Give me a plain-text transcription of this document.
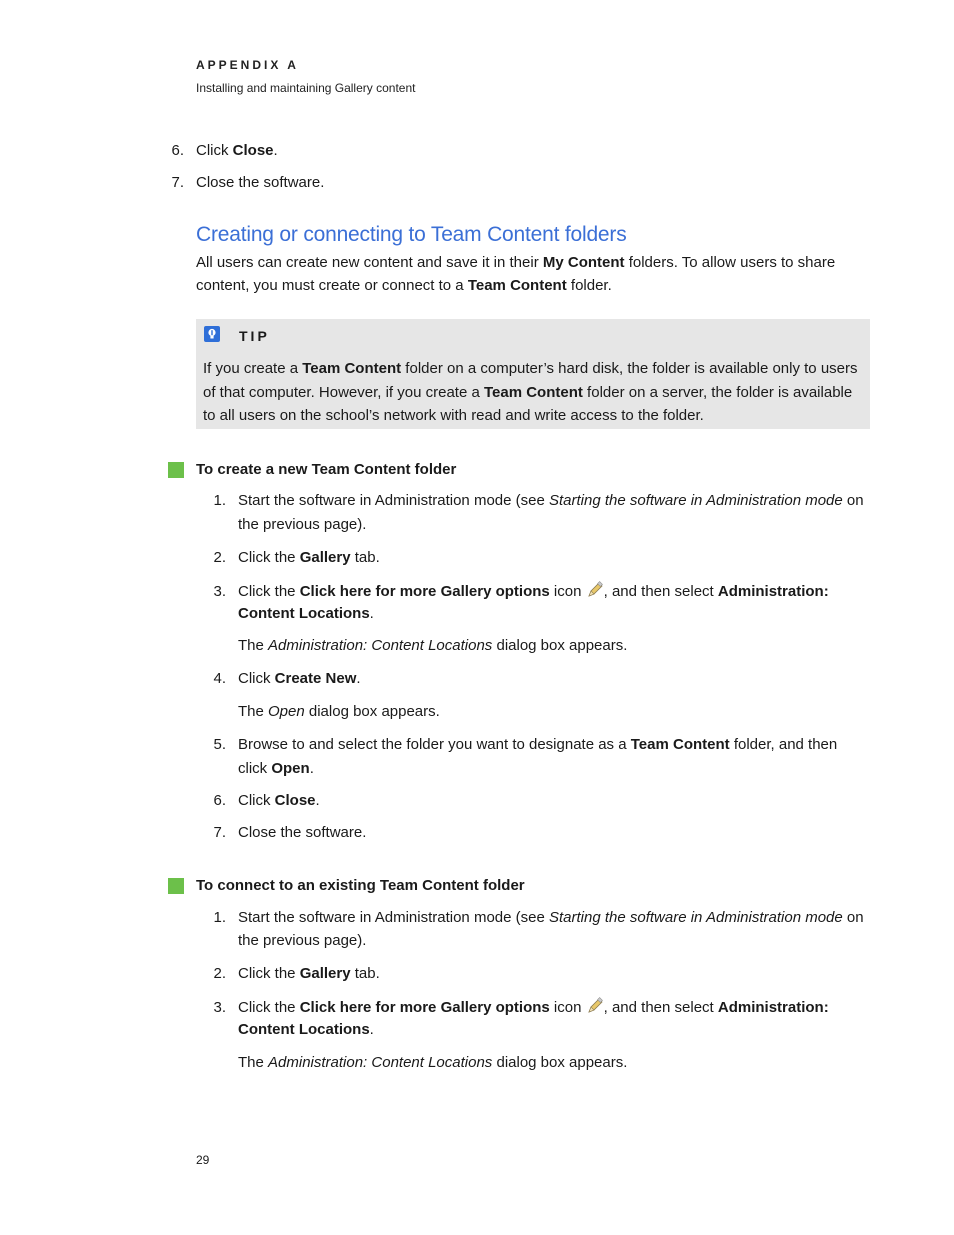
APPENDIX A
Installing and maintaining Gallery content
6. Click Close.
7. Close the software.
Creating or connecting to Team Content folders
All users can create new content and save it in their My Content folders. To allow users to share
content, you must create or connect to a Team Content folder.
TIP
If you create a Team Content folder on a computer’s hard disk, the folder is available only to users
of that computer. However, if you create a Team Content folder on a server, the folder is available
to all users on the school’s network with read and write access to the folder.
To create a new Team Content folder
1. Start the software in Administration mode (see Starting the software in Administration mode on
the previous page).
2. Click the Gallery tab.
3. Click the Click here for more Gallery options icon , and then select Administration:
Content Locations.
The Administration: Content Locations dialog box appears.
4. Click Create New.
The Open dialog box appears.
5. Browse to and select the folder you want to designate as a Team Content folder, and then
click Open.
6. Click Close.
7. Close the software.
To connect to an existing Team Content folder
1. Start the software in Administration mode (see Starting the software in Administration mode on
the previous page).
2. Click the Gallery tab.
3. Click the Click here for more Gallery options icon , and then select Administration:
Content Locations.
The Administration: Content Locations dialog box appears.
29
